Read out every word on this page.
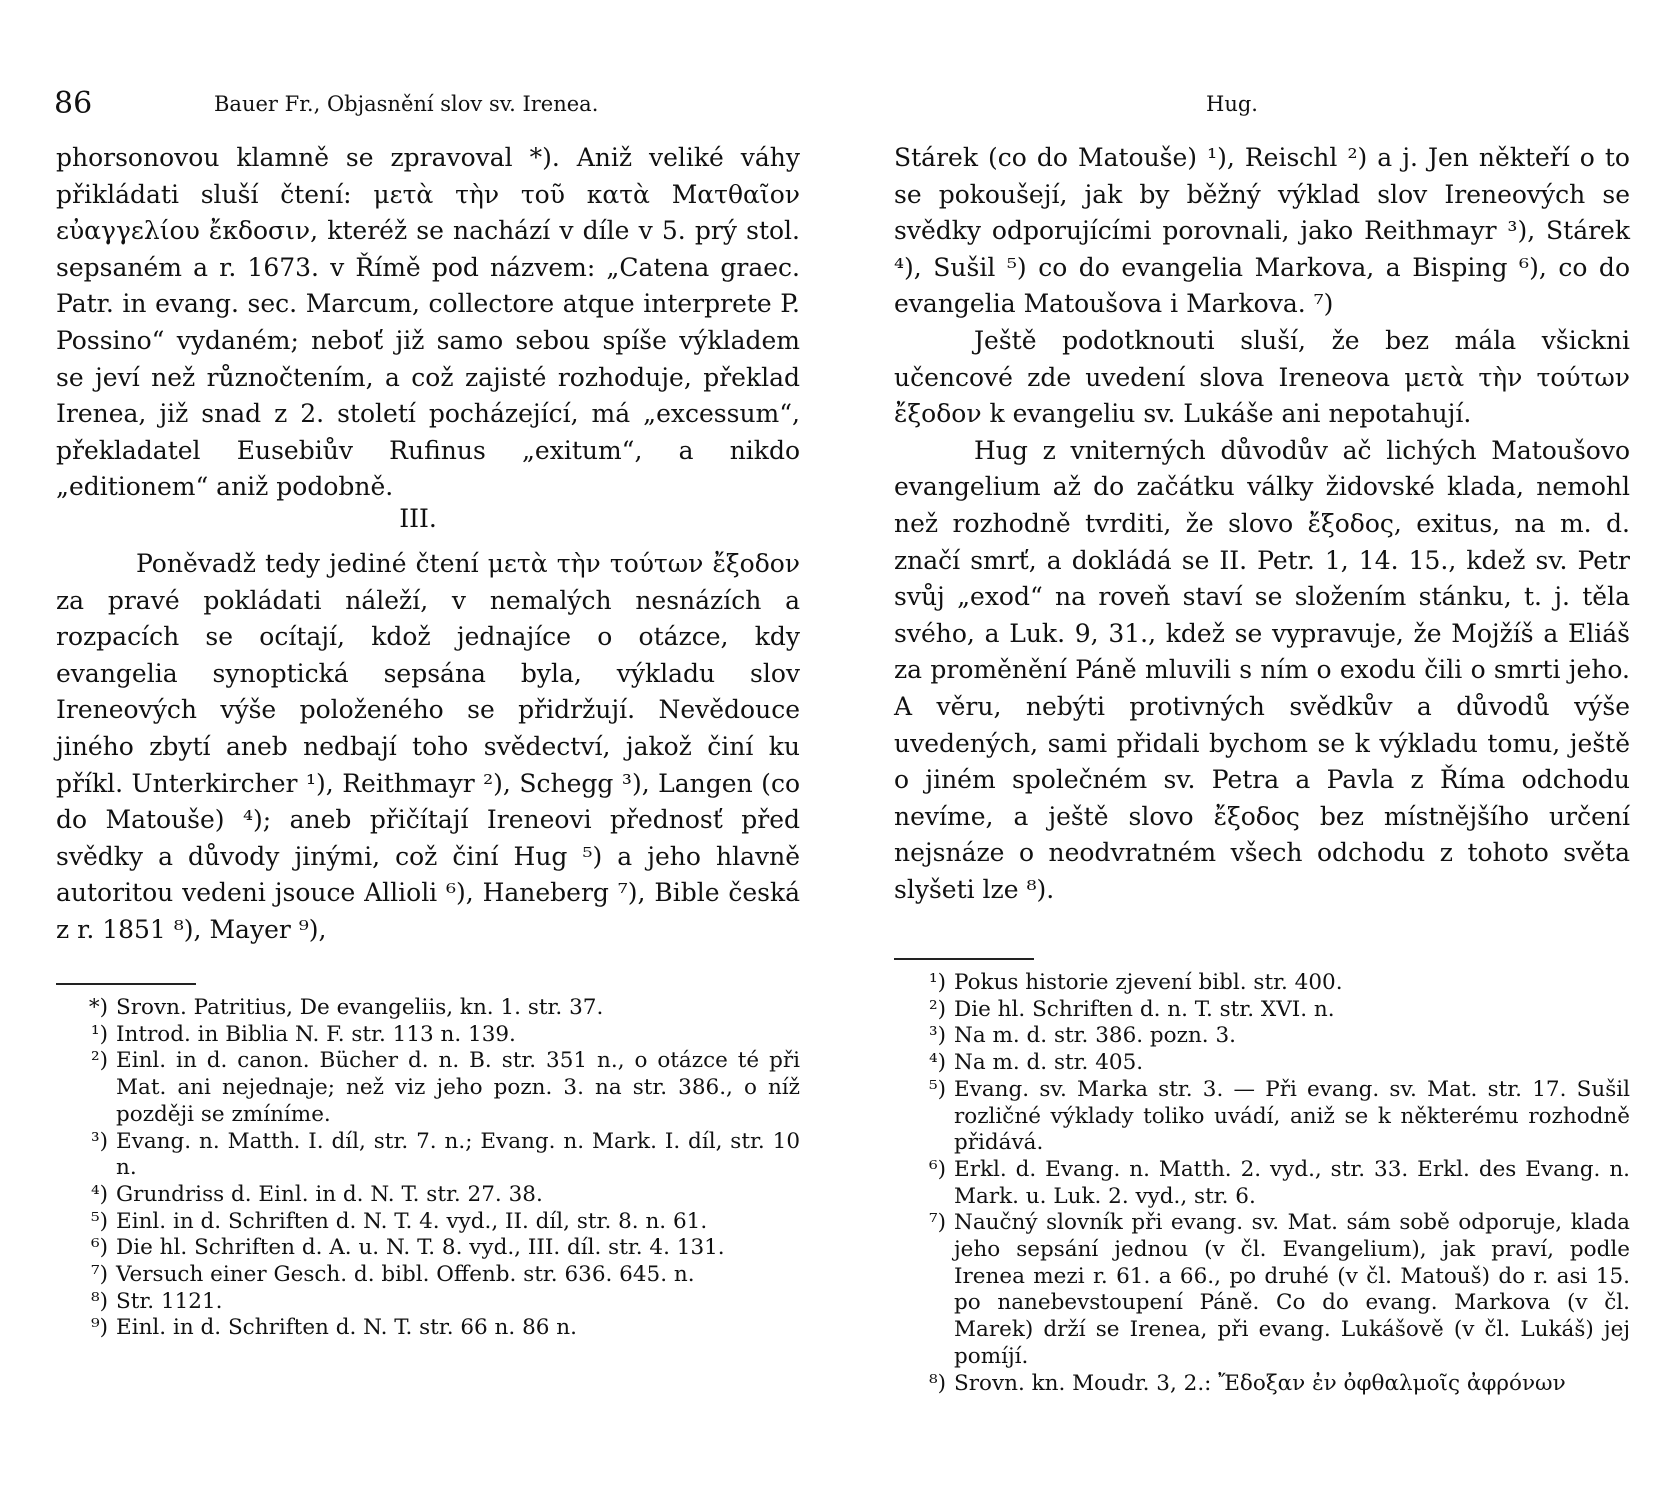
86	Bauer Fr., Objasnění slov sv. Irenea.

phorsonovou klamně se zpravoval *). Aniž veliké váhy přikládati sluší čtení: μετὰ τὴν τοῦ κατὰ Ματθαῖον εὐαγγελίου ἔκδοσιν, kteréž se nachází v díle v 5. prý stol. sepsaném a r. 1673. v Římě pod názvem: „Catena graec. Patr. in evang. sec. Marcum, collectore atque interprete P. Possino“ vydaném; neboť již samo sebou spíše výkladem se jeví než různočtením, a což zajisté rozhoduje, překlad Irenea, již snad z 2. století pocházející, má „excessum“, překladatel Eusebiův Rufinus „exitum“, a nikdo „editionem“ aniž podobně.

III.

Poněvadž tedy jediné čtení μετὰ τὴν τούτων ἔξοδον za pravé pokládati náleží, v nemalých nesnázích a rozpacích se ocítají, kdož jednajíce o otázce, kdy evangelia synoptická sepsána byla, výkladu slov Ireneových výše položeného se přidržují. Nevědouce jiného zbytí aneb nedbají toho svědectví, jakož činí ku příkl. Unterkircher ¹), Reithmayr ²), Schegg ³), Langen (co do Matouše) ⁴); aneb přičítají Ireneovi přednosť před svědky a důvody jinými, což činí Hug ⁵) a jeho hlavně autoritou vedeni jsouce Allioli ⁶), Haneberg ⁷), Bible česká z r. 1851 ⁸), Mayer ⁹),

*) Srovn. Patritius, De evangeliis, kn. 1. str. 37.
¹) Introd. in Biblia N. F. str. 113 n. 139.
²) Einl. in d. canon. Bücher d. n. B. str. 351 n., o otázce té při Mat. ani nejednaje; než viz jeho pozn. 3. na str. 386., o níž později se zmíníme.
³) Evang. n. Matth. I. díl, str. 7. n.; Evang. n. Mark. I. díl, str. 10 n.
⁴) Grundriss d. Einl. in d. N. T. str. 27. 38.
⁵) Einl. in d. Schriften d. N. T. 4. vyd., II. díl, str. 8. n. 61.
⁶) Die hl. Schriften d. A. u. N. T. 8. vyd., III. díl. str. 4. 131.
⁷) Versuch einer Gesch. d. bibl. Offenb. str. 636. 645. n.
⁸) Str. 1121.
⁹) Einl. in d. Schriften d. N. T. str. 66 n. 86 n.
Hug.

Stárek (co do Matouše) ¹), Reischl ²) a j. Jen někteří o to se pokoušejí, jak by běžný výklad slov Ireneových se svědky odporujícími porovnali, jako Reithmayr ³), Stárek ⁴), Sušil ⁵) co do evangelia Markova, a Bisping ⁶), co do evangelia Matoušova i Markova. ⁷)

Ještě podotknouti sluší, že bez mála všickni učencové zde uvedení slova Ireneova μετὰ τὴν τούτων ἔξοδον k evangeliu sv. Lukáše ani nepotahují.

Hug z vniterných důvodův ač lichých Matoušovo evangelium až do začátku války židovské klada, nemohl než rozhodně tvrditi, že slovo ἔξοδος, exitus, na m. d. značí smrť, a dokládá se II. Petr. 1, 14. 15., kdež sv. Petr svůj „exod“ na roveň staví se složením stánku, t. j. těla svého, a Luk. 9, 31., kdež se vypravuje, že Mojžíš a Eliáš za proměnění Páně mluvili s ním o exodu čili o smrti jeho. A věru, nebýti protivných svědkův a důvodů výše uvedených, sami přidali bychom se k výkladu tomu, ještě o jiném společném sv. Petra a Pavla z Říma odchodu nevíme, a ještě slovo ἔξοδος bez místnějšího určení nejsnáze o neodvratném všech odchodu z tohoto světa slyšeti lze ⁸).

¹) Pokus historie zjevení bibl. str. 400.
²) Die hl. Schriften d. n. T. str. XVI. n.
³) Na m. d. str. 386. pozn. 3.
⁴) Na m. d. str. 405.
⁵) Evang. sv. Marka str. 3. — Při evang. sv. Mat. str. 17. Sušil rozličné výklady toliko uvádí, aniž se k některému rozhodně přidává.
⁶) Erkl. d. Evang. n. Matth. 2. vyd., str. 33. Erkl. des Evang. n. Mark. u. Luk. 2. vyd., str. 6.
⁷) Naučný slovník při evang. sv. Mat. sám sobě odporuje, klada jeho sepsání jednou (v čl. Evangelium), jak praví, podle Irenea mezi r. 61. a 66., po druhé (v čl. Matouš) do r. asi 15. po nanebevstoupení Páně. Co do evang. Markova (v čl. Marek) drží se Irenea, při evang. Lukášově (v čl. Lukáš) jej pomíjí.
⁸) Srovn. kn. Moudr. 3, 2.: Ἔδοξαν ἐν ὀφθαλμοῖς ἀφρόνων
